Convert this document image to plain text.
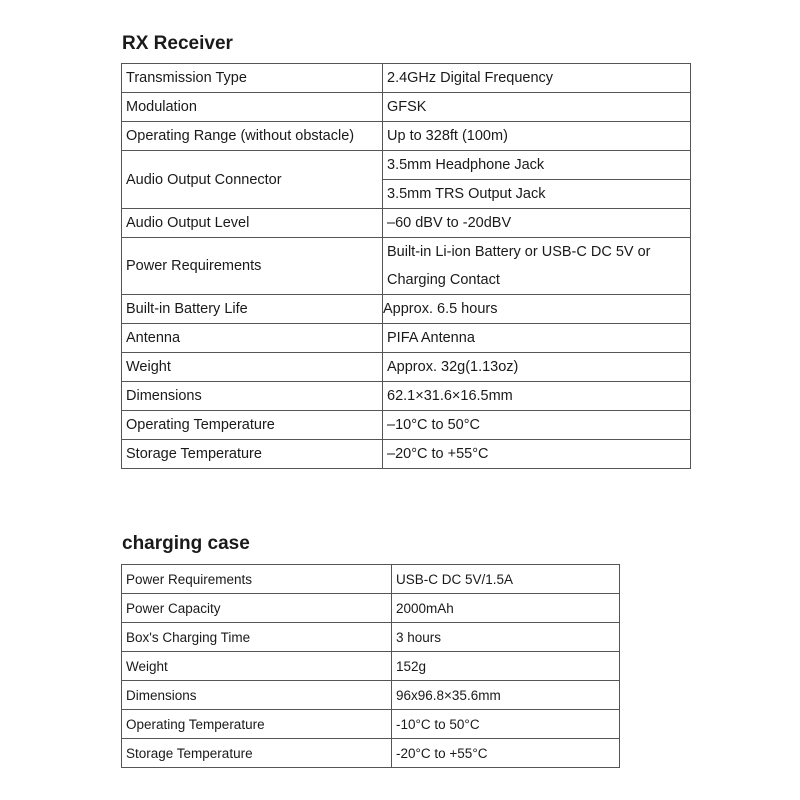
RX Receiver
Transmission Type	2.4GHz Digital Frequency
Modulation	GFSK
Operating Range (without obstacle)	Up to 328ft (100m)
Audio Output Connector	3.5mm Headphone Jack
	3.5mm TRS Output Jack
Audio Output Level	–60 dBV to -20dBV
Power Requirements	Built-in Li-ion Battery or USB-C DC 5V or Charging Contact
Built-in Battery Life	Approx. 6.5 hours
Antenna	PIFA Antenna
Weight	Approx. 32g(1.13oz)
Dimensions	62.1×31.6×16.5mm
Operating Temperature	–10°C to 50°C
Storage Temperature	–20°C to +55°C
charging case
Power Requirements	USB-C DC 5V/1.5A
Power Capacity	2000mAh
Box's Charging Time	3 hours
Weight	152g
Dimensions	96x96.8×35.6mm
Operating Temperature	-10°C to 50°C
Storage Temperature	-20°C to +55°C
